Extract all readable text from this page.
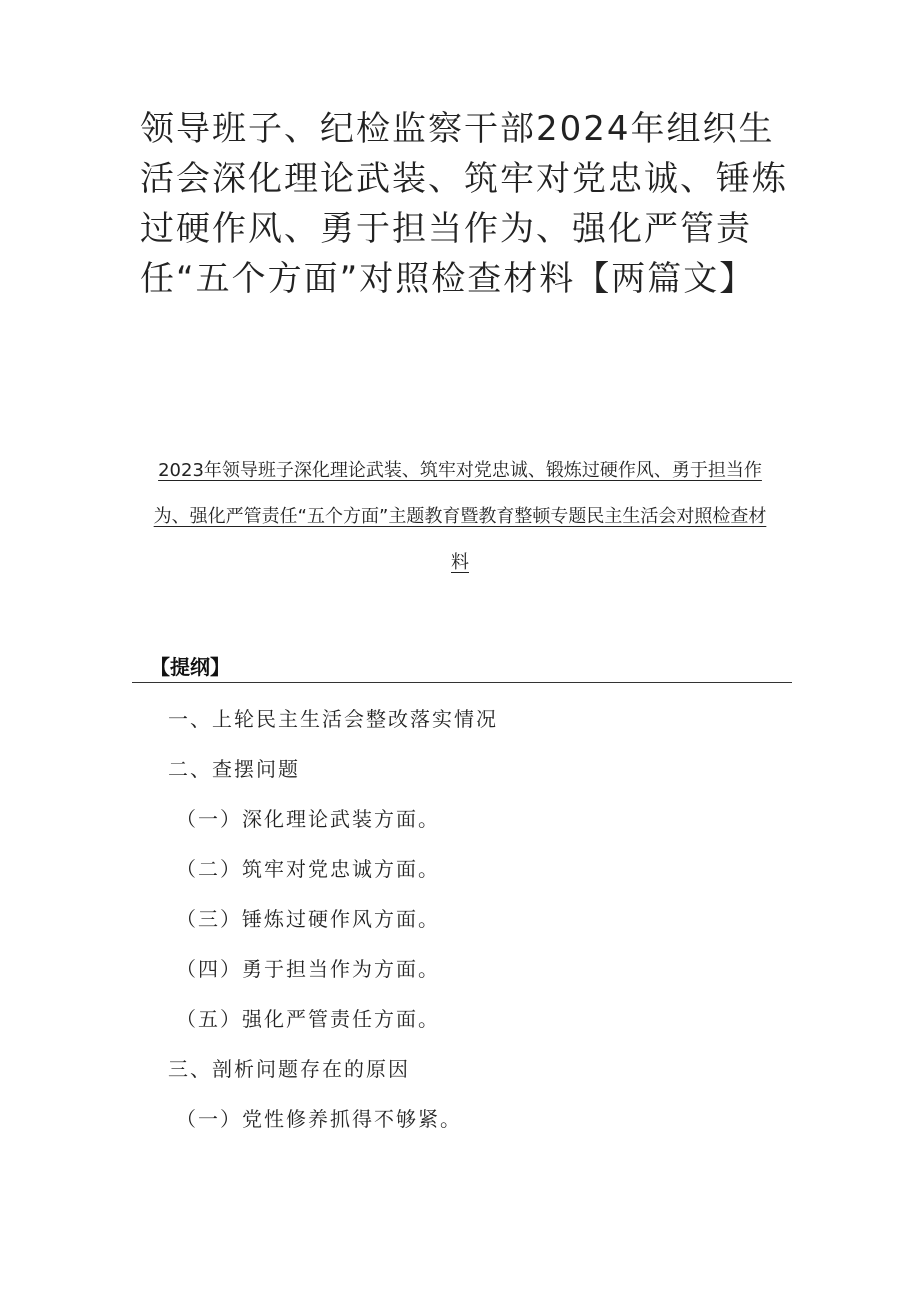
领导班子、纪检监察干部2024年组织生活会深化理论武装、筑牢对党忠诚、锤炼过硬作风、勇于担当作为、强化严管责任“五个方面”对照检查材料【两篇文】

2023年领导班子深化理论武装、筑牢对党忠诚、锻炼过硬作风、勇于担当作为、强化严管责任“五个方面”主题教育暨教育整顿专题民主生活会对照检查材料

【提纲】

一、上轮民主生活会整改落实情况
二、查摆问题
（一）深化理论武装方面。
（二）筑牢对党忠诚方面。
（三）锤炼过硬作风方面。
（四）勇于担当作为方面。
（五）强化严管责任方面。
三、剖析问题存在的原因
（一）党性修养抓得不够紧。
